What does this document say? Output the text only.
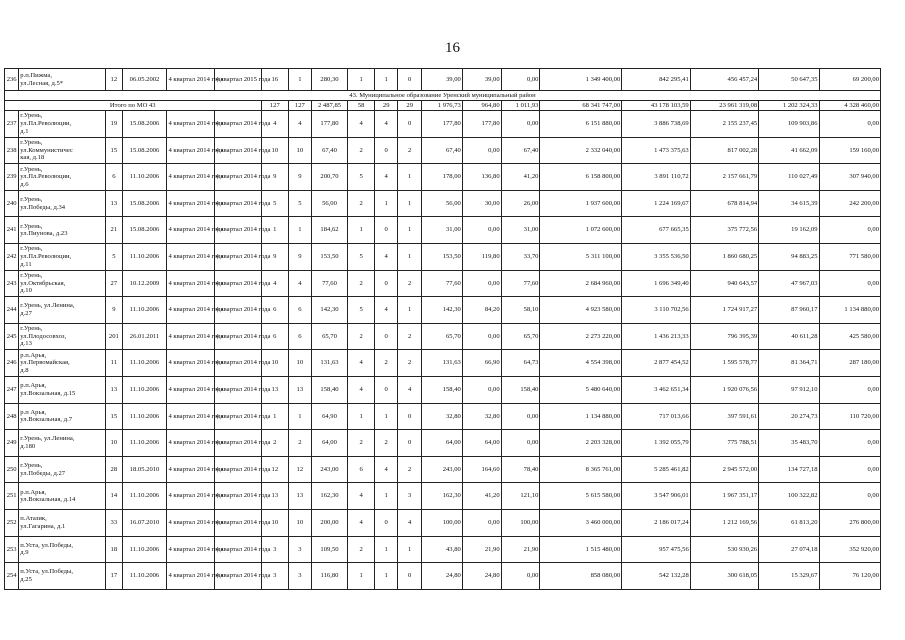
16
236	р.п.Пижма,
ул.Лесная, д.5*	12	06.05.2002	4 квартал 2014 года	4 квартал 2015 года	16	1	280,30	1	1	0	39,00	39,00	0,00	1 349 400,00	842 295,41	456 457,24	50 647,35	69 200,00
43. Муниципальное образование Уренский муниципальный район																			
Итого по МО 43						127	127	2 487,85	58	29	29	1 976,73	964,80	1 011,93	68 341 747,00	43 178 103,59	23 961 319,08	1 202 324,33	4 328 460,00
237	г.Урень,
ул.Пл.Революции,
д.1	19	15.08.2006	4 квартал 2014 года	4 квартал 2014 года	4	4	177,80	4	4	0	177,80	177,80	0,00	6 151 880,00	3 886 738,69	2 155 237,45	109 903,86	0,00
238	г.Урень,
ул.Коммунистичес
кая, д.18	15	15.08.2006	4 квартал 2014 года	4 квартал 2014 года	10	10	67,40	2	0	2	67,40	0,00	67,40	2 332 040,00	1 473 375,63	817 002,28	41 662,09	159 160,00
239	г.Урень,
ул.Пл.Революции,
д.6	6	11.10.2006	4 квартал 2014 года	4 квартал 2014 года	9	9	200,70	5	4	1	178,00	136,80	41,20	6 158 800,00	3 891 110,72	2 157 661,79	110 027,49	307 940,00
240	г.Урень,
ул.Победы, д.34	13	15.08.2006	4 квартал 2014 года	4 квартал 2014 года	5	5	56,00	2	1	1	56,00	30,00	26,00	1 937 600,00	1 224 169,67	678 814,94	34 615,39	242 200,00
241	г.Урень,
ул.Пиунова, д.23	21	15.08.2006	4 квартал 2014 года	4 квартал 2014 года	1	1	184,62	1	0	1	31,00	0,00	31,00	1 072 600,00	677 665,35	375 772,56	19 162,09	0,00
242	г.Урень,
ул.Пл.Революции,
д.11	5	11.10.2006	4 квартал 2014 года	4 квартал 2014 года	9	9	153,50	5	4	1	153,50	119,80	33,70	5 311 100,00	3 355 536,50	1 860 680,25	94 883,25	771 580,00
243	г.Урень,
ул.Октябрьская,
д.10	27	10.12.2009	4 квартал 2014 года	4 квартал 2014 года	4	4	77,60	2	0	2	77,60	0,00	77,60	2 684 960,00	1 696 349,40	940 643,57	47 967,03	0,00
244	г.Урень, ул.Ленина,
д.27	9	11.10.2006	4 квартал 2014 года	4 квартал 2014 года	6	6	142,30	5	4	1	142,30	84,20	58,10	4 923 580,00	3 110 702,56	1 724 917,27	87 960,17	1 134 880,00
245	г.Урень,
ул.Плодосовхоз,
д.13	201	26.01.2011	4 квартал 2014 года	4 квартал 2014 года	6	6	65,70	2	0	2	65,70	0,00	65,70	2 273 220,00	1 436 213,33	796 395,39	40 611,28	425 580,00
246	р.п.Арья,
ул.Первомайская,
д.8	11	11.10.2006	4 квартал 2014 года	4 квартал 2014 года	10	10	131,63	4	2	2	131,63	66,90	64,73	4 554 398,00	2 877 454,52	1 595 578,77	81 364,71	287 180,00
247	р.п.Арья,
ул.Вокзальная, д.15	13	11.10.2006	4 квартал 2014 года	4 квартал 2014 года	13	13	158,40	4	0	4	158,40	0,00	158,40	5 480 640,00	3 462 651,34	1 920 076,56	97 912,10	0,00
248	р.п Арья,
ул.Вокзальная, д.7	15	11.10.2006	4 квартал 2014 года	4 квартал 2014 года	1	1	64,90	1	1	0	32,80	32,80	0,00	1 134 880,00	717 013,66	397 591,61	20 274,73	110 720,00
249	г.Урень, ул.Ленина,
д.180	10	11.10.2006	4 квартал 2014 года	4 квартал 2014 года	2	2	64,00	2	2	0	64,00	64,00	0,00	2 203 328,00	1 392 055,79	775 788,51	35 483,70	0,00
250	г.Урень,
ул.Победы, д.27	28	18.05.2010	4 квартал 2014 года	4 квартал 2014 года	12	12	243,00	6	4	2	243,00	164,60	78,40	8 365 761,00	5 285 461,82	2 945 572,00	134 727,18	0,00
251	р.п.Арья,
ул.Вокзальная, д.14	14	11.10.2006	4 квартал 2014 года	4 квартал 2014 года	13	13	162,30	4	1	3	162,30	41,20	121,10	5 615 580,00	3 547 906,01	1 967 351,17	100 322,82	0,00
252	п.Атазик,
ул.Гагарина, д.1	33	16.07.2010	4 квартал 2014 года	4 квартал 2014 года	10	10	200,00	4	0	4	100,00	0,00	100,00	3 460 000,00	2 186 017,24	1 212 169,56	61 813,20	276 800,00
253	п.Уста, ул.Победы,
д.9	18	11.10.2006	4 квартал 2014 года	4 квартал 2014 года	3	3	109,50	2	1	1	43,80	21,90	21,90	1 515 480,00	957 475,56	530 930,26	27 074,18	352 920,00
254	п.Уста, ул.Победы,
д.25	17	11.10.2006	4 квартал 2014 года	4 квартал 2014 года	3	3	116,80	1	1	0	24,80	24,80	0,00	858 080,00	542 132,28	300 618,05	15 329,67	76 120,00
